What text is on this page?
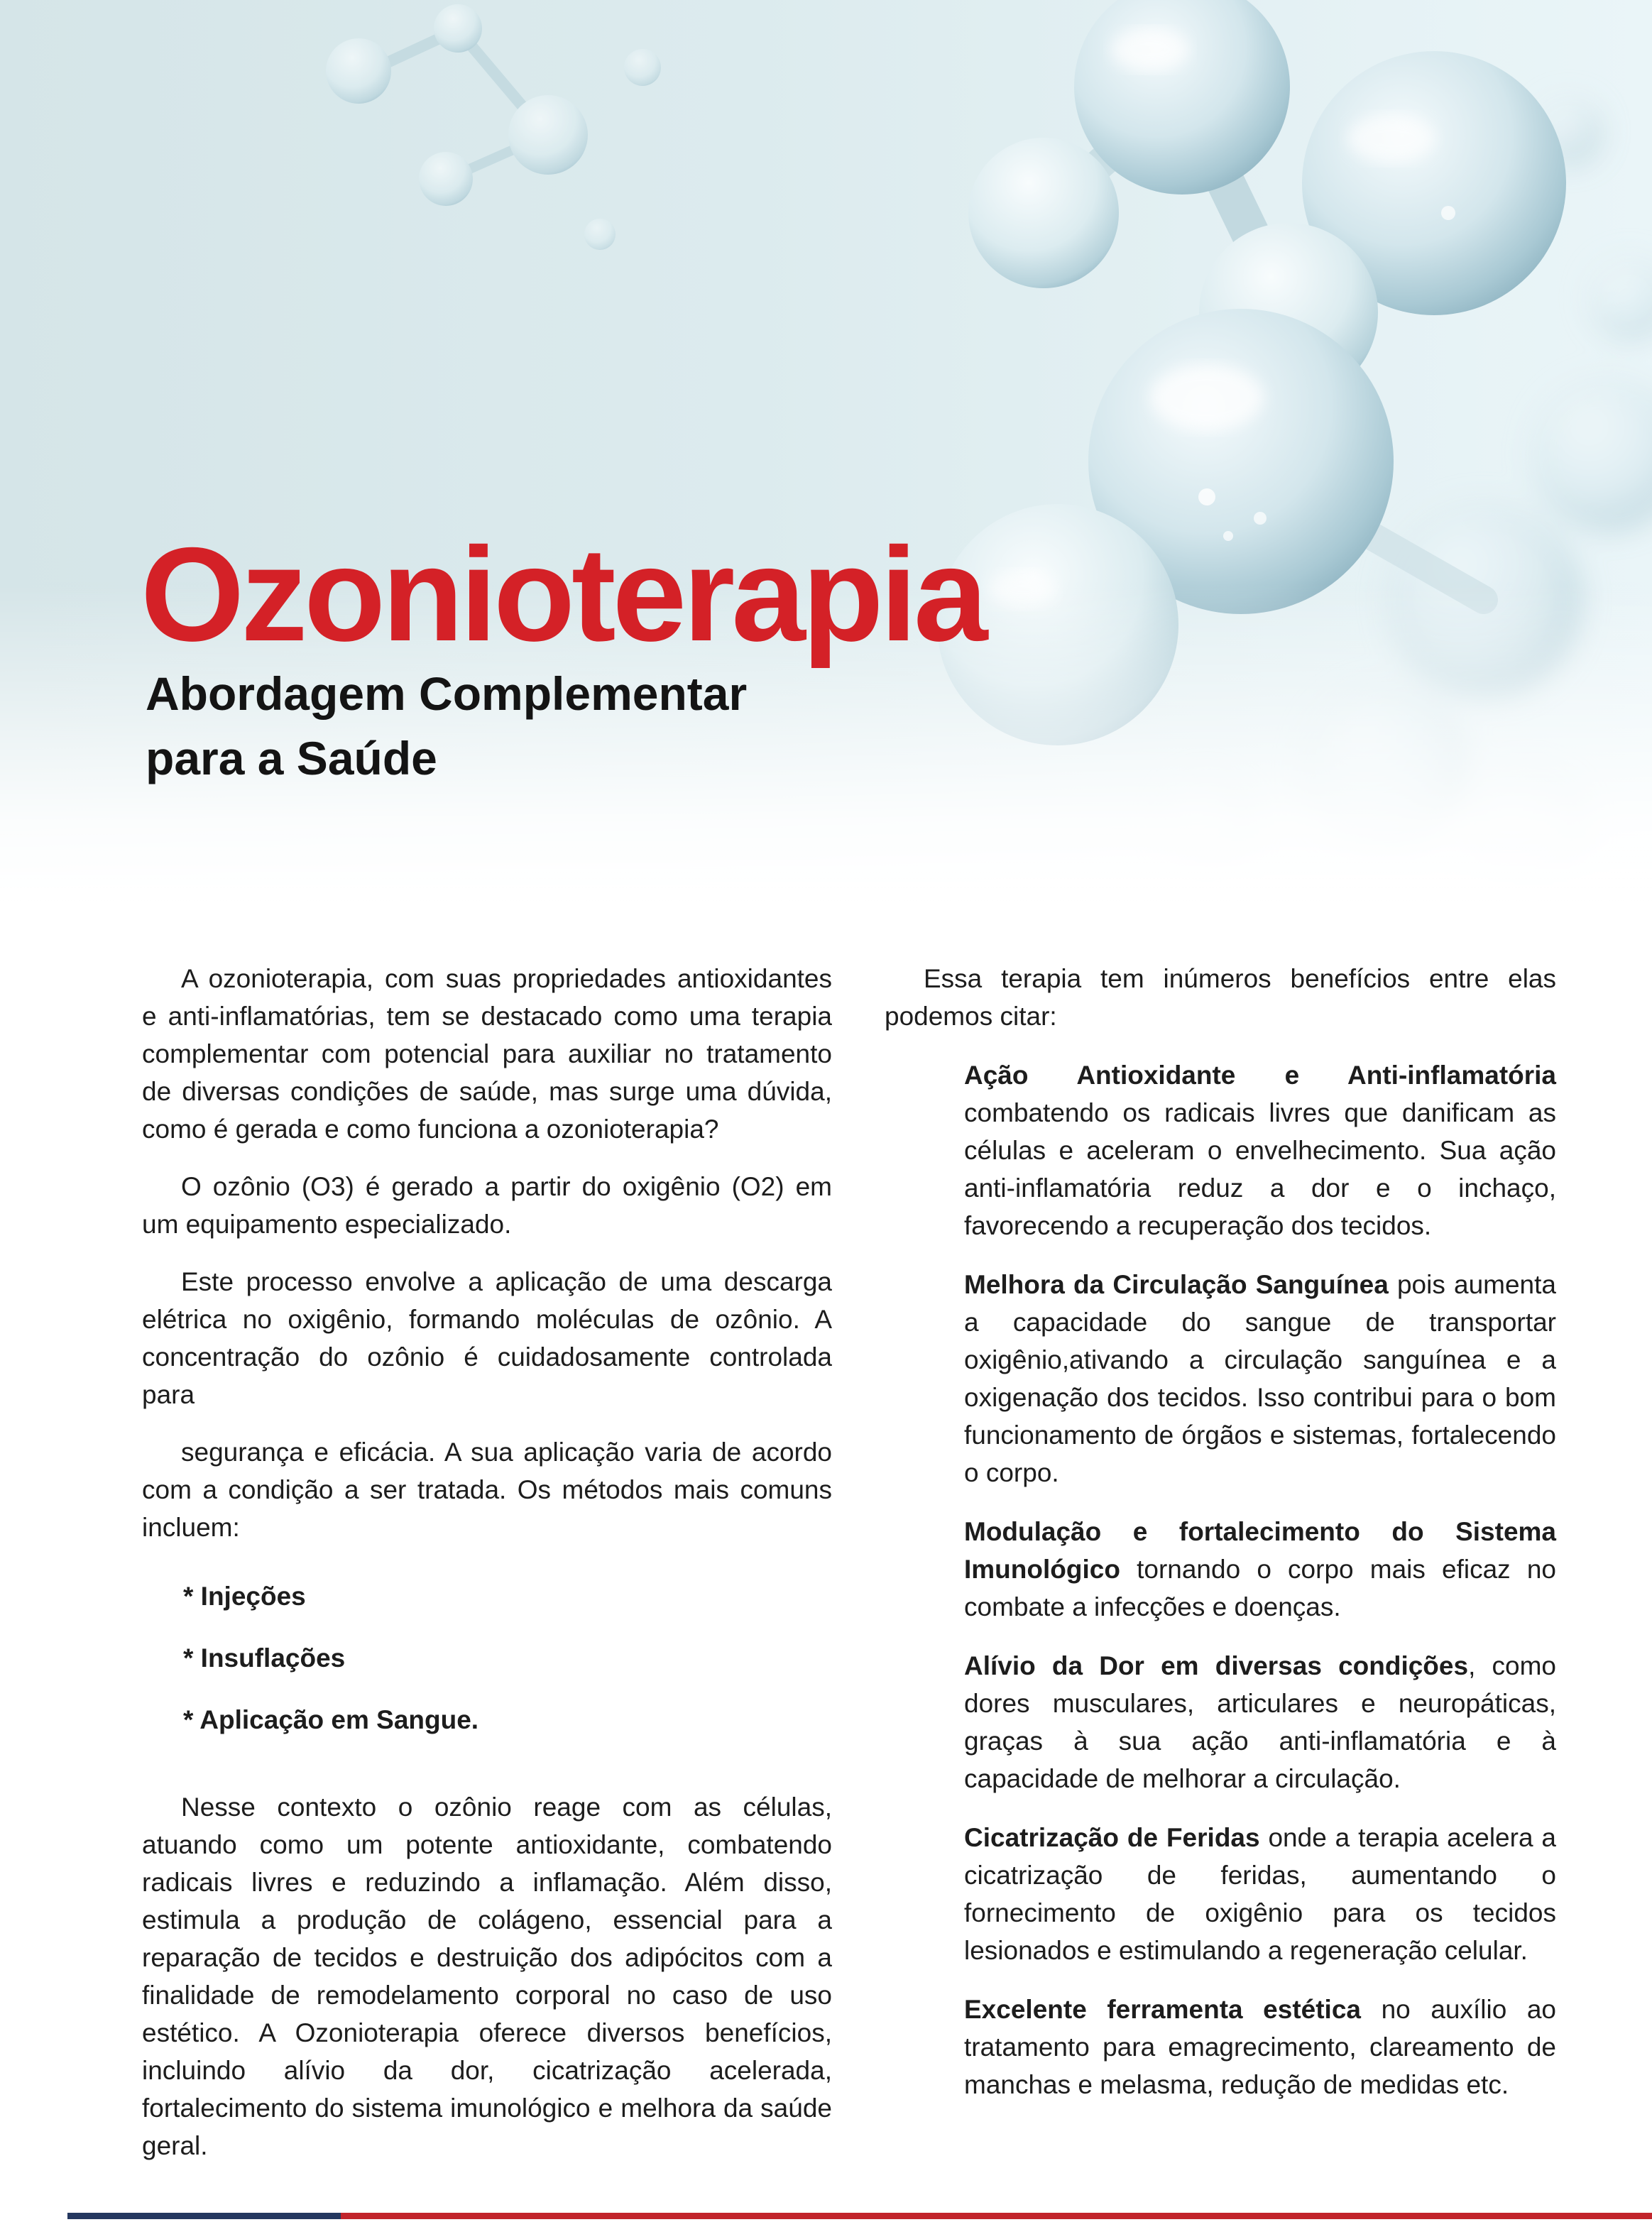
Ozonioterapia
Abordagem Complementar
para a Saúde

A ozonioterapia, com suas propriedades antioxidantes e anti-inflamatórias, tem se destacado como uma terapia complementar com potencial para auxiliar no tratamento de diversas condições de saúde, mas surge uma dúvida, como é gerada e como funciona a ozonioterapia?

O ozônio (O3) é gerado a partir do oxigênio (O2) em um equipamento especializado.

Este processo envolve a aplicação de uma descarga elétrica no oxigênio, formando moléculas de ozônio. A concentração do ozônio é cuidadosamente controlada para

segurança e eficácia. A sua aplicação varia de acordo com a condição a ser tratada. Os métodos mais comuns incluem:

* Injeções
* Insuflações
* Aplicação em Sangue.

Nesse contexto o ozônio reage com as células, atuando como um potente antioxidante, combatendo radicais livres e reduzindo a inflamação. Além disso, estimula a produção de colágeno, essencial para a reparação de tecidos e destruição dos adipócitos com a finalidade de remodelamento corporal no caso de uso estético. A Ozonioterapia oferece diversos benefícios, incluindo alívio da dor, cicatrização acelerada, fortalecimento do sistema imunológico e melhora da saúde geral.

Essa terapia tem inúmeros benefícios entre elas podemos citar:

Ação Antioxidante e Anti-inflamatória combatendo os radicais livres que danificam as células e aceleram o envelhecimento. Sua ação anti-inflamatória reduz a dor e o inchaço, favorecendo a recuperação dos tecidos.

Melhora da Circulação Sanguínea pois aumenta a capacidade do sangue de transportar oxigênio,ativando a circulação sanguínea e a oxigenação dos tecidos. Isso contribui para o bom funcionamento de órgãos e sistemas, fortalecendo o corpo.

Modulação e fortalecimento do Sistema Imunológico tornando o corpo mais eficaz no combate a infecções e doenças.

Alívio da Dor em diversas condições, como dores musculares, articulares e neuropáticas, graças à sua ação anti-inflamatória e à capacidade de melhorar a circulação.

Cicatrização de Feridas onde a terapia acelera a cicatrização de feridas, aumentando o fornecimento de oxigênio para os tecidos lesionados e estimulando a regeneração celular.

Excelente ferramenta estética no auxílio ao tratamento para emagrecimento, clareamento de manchas e melasma, redução de medidas etc.
